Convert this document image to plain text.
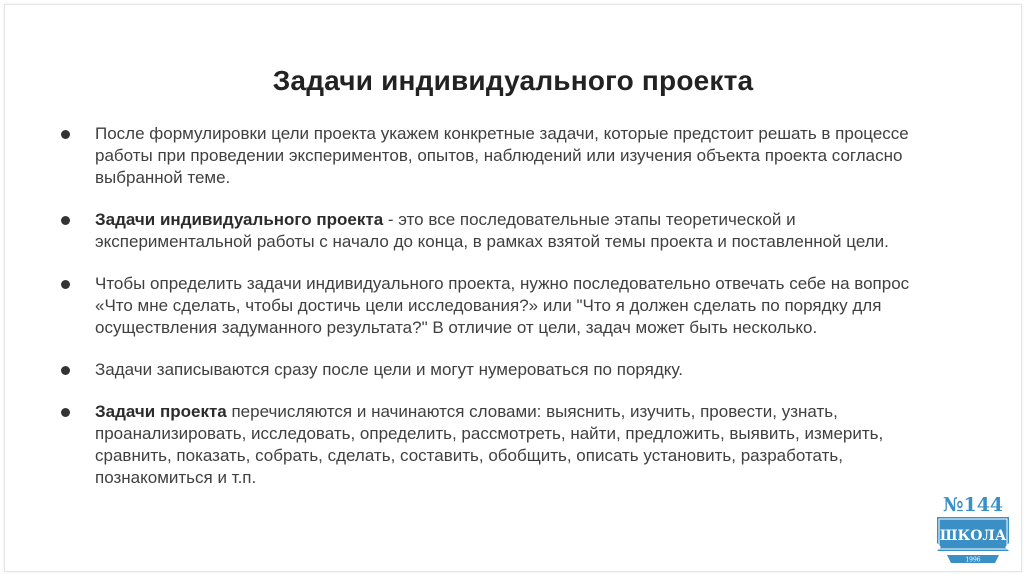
Задачи индивидуального проекта
После формулировки цели проекта укажем конкретные задачи, которые предстоит решать в процессе работы при проведении экспериментов, опытов, наблюдений или изучения объекта проекта согласно выбранной теме.
Задачи индивидуального проекта - это все последовательные этапы теоретической и экспериментальной работы с начало до конца, в рамках взятой темы проекта и поставленной цели.
Чтобы определить задачи индивидуального проекта, нужно последовательно отвечать себе на вопрос «Что мне сделать, чтобы достичь цели исследования?» или "Что я должен сделать по порядку для осуществления задуманного результата?" В отличие от цели, задач может быть несколько.
Задачи записываются сразу после цели и могут нумероваться по порядку.
Задачи проекта перечисляются и начинаются словами: выяснить, изучить, провести, узнать, проанализировать, исследовать, определить, рассмотреть, найти, предложить, выявить, измерить, сравнить, показать, собрать, сделать, составить, обобщить, описать установить, разработать, познакомиться и т.п.
№144
ШКОЛА
1996
